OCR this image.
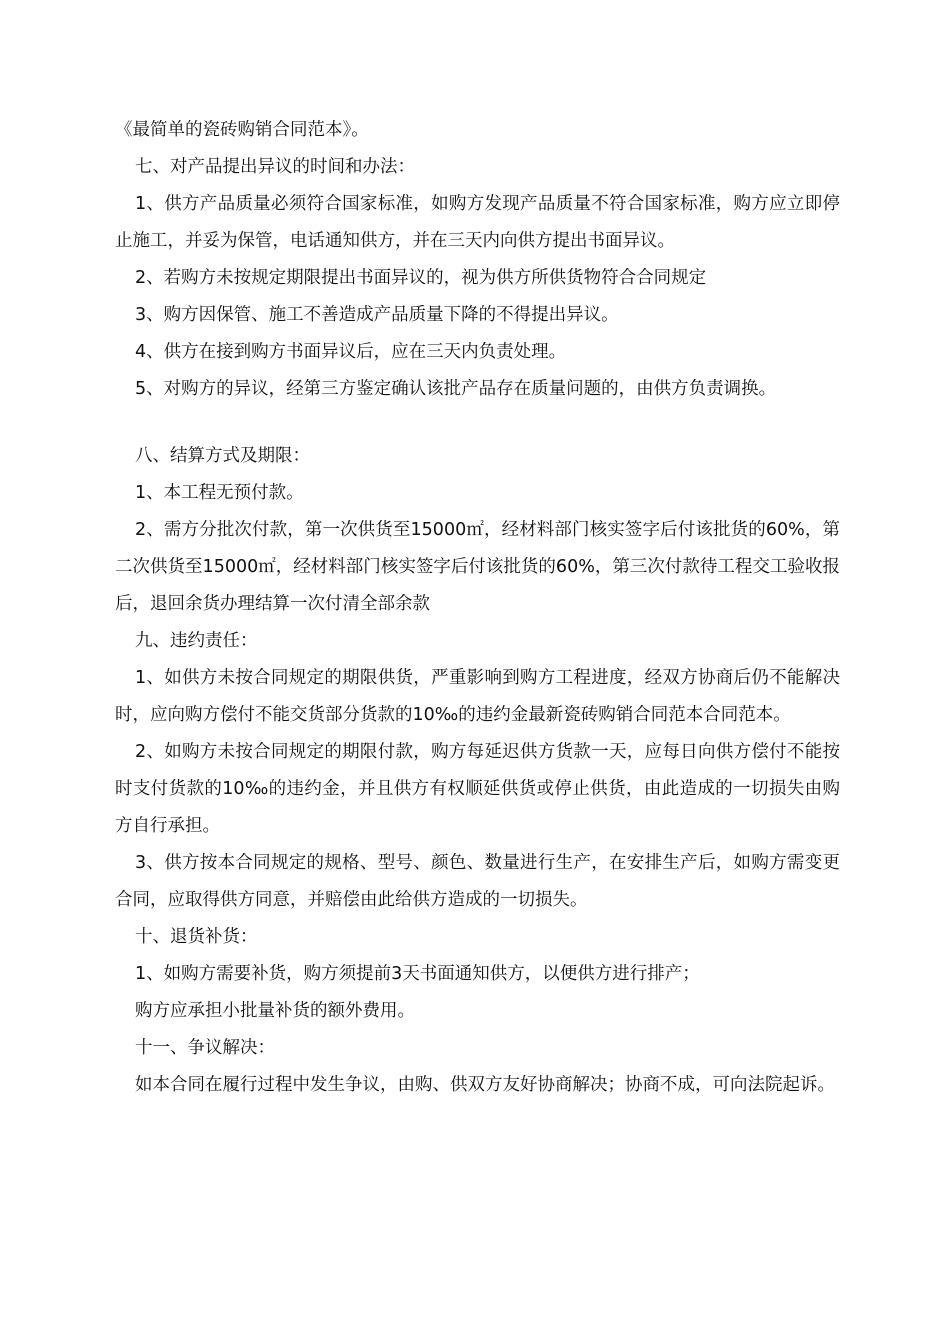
《最简单的瓷砖购销合同范本》。

七、对产品提出异议的时间和办法：

1、供方产品质量必须符合国家标准，如购方发现产品质量不符合国家标准，购方应立即停止施工，并妥为保管，电话通知供方，并在三天内向供方提出书面异议。

2、若购方未按规定期限提出书面异议的，视为供方所供货物符合合同规定

3、购方因保管、施工不善造成产品质量下降的不得提出异议。

4、供方在接到购方书面异议后，应在三天内负责处理。

5、对购方的异议，经第三方鉴定确认该批产品存在质量问题的，由供方负责调换。

八、结算方式及期限：

1、本工程无预付款。

2、需方分批次付款，第一次供货至15000㎡，经材料部门核实签字后付该批货的60%，第二次供货至15000㎡，经材料部门核实签字后付该批货的60%，第三次付款待工程交工验收报后，退回余货办理结算一次付清全部余款

九、违约责任：

1、如供方未按合同规定的期限供货，严重影响到购方工程进度，经双方协商后仍不能解决时，应向购方偿付不能交货部分货款的10‰的违约金最新瓷砖购销合同范本合同范本。

2、如购方未按合同规定的期限付款，购方每延迟供方货款一天，应每日向供方偿付不能按时支付货款的10‰的违约金，并且供方有权顺延供货或停止供货，由此造成的一切损失由购方自行承担。

3、供方按本合同规定的规格、型号、颜色、数量进行生产，在安排生产后，如购方需变更合同，应取得供方同意，并赔偿由此给供方造成的一切损失。

十、退货补货：

1、如购方需要补货，购方须提前3天书面通知供方，以便供方进行排产；

购方应承担小批量补货的额外费用。

十一、争议解决：

如本合同在履行过程中发生争议，由购、供双方友好协商解决；协商不成，可向法院起诉。
